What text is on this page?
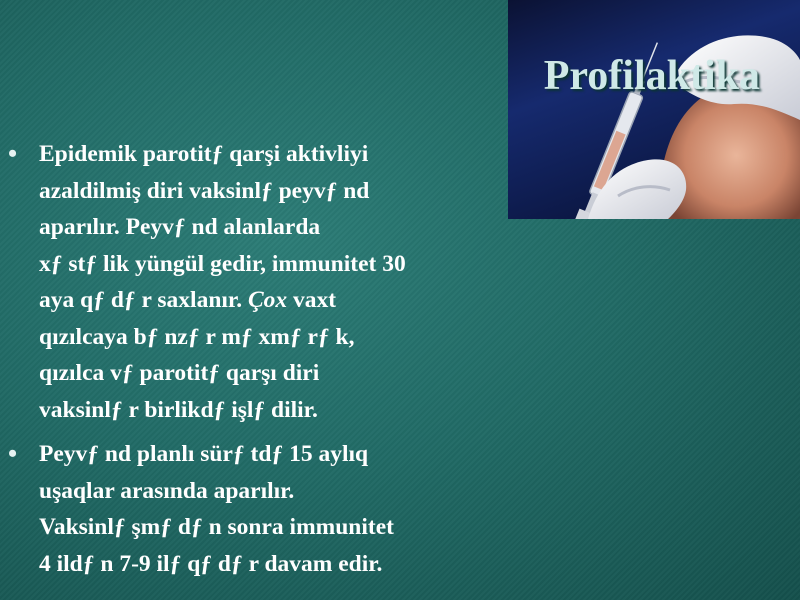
Profilaktika
• Epidemik parotitƒ qarşi aktivliyi
azaldilmiş diri vaksinlƒ peyvƒ nd
aparılır. Peyvƒ nd alanlarda
xƒ stƒ lik yüngül gedir, immunitet 30
aya qƒ dƒ r saxlanır. Çox vaxt
qızılcaya bƒ nzƒ r mƒ xmƒ rƒ k,
qızılca vƒ parotitƒ qarşı diri
vaksinlƒ r birlikdƒ işlƒ dilir.
• Peyvƒ nd planlı sürƒ tdƒ 15 aylıq
uşaqlar arasında aparılır.
Vaksinlƒ şmƒ dƒ n sonra immunitet
4 ildƒ n 7-9 ilƒ qƒ dƒ r davam edir.
